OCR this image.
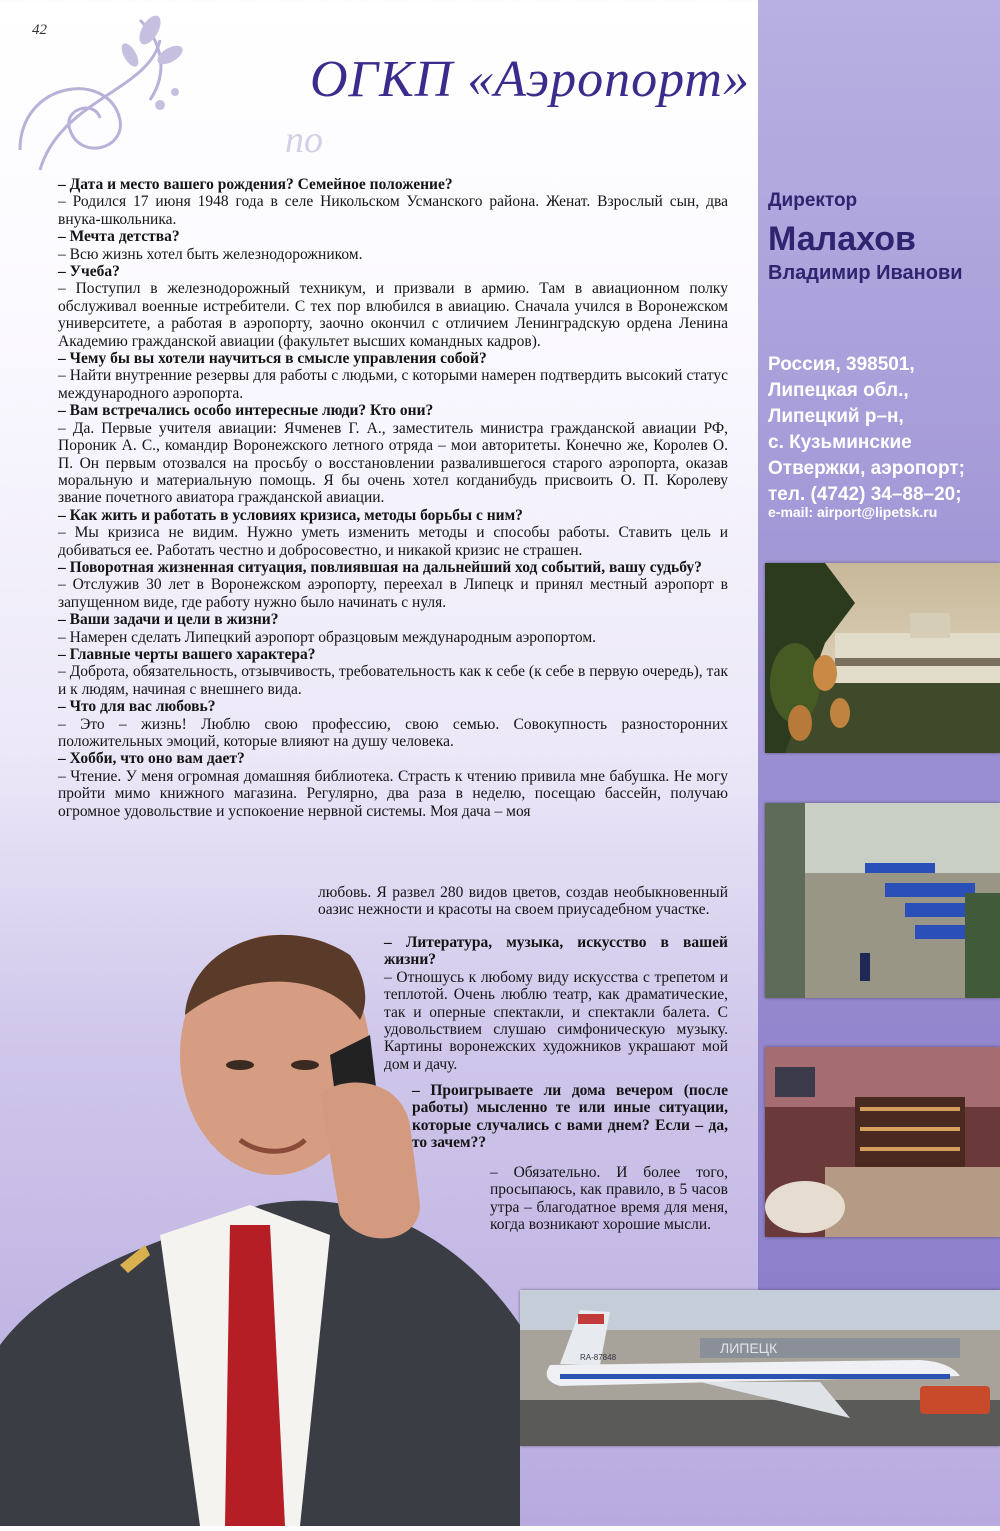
42
ОГКП «Аэропорт»
по
Директор
Малахов
Владимир Иванови
Россия, 398501,
Липецкая обл.,
Липецкий р–н,
с. Кузьминские
Отвержки, аэропорт;
тел. (4742) 34–88–20;
e-mail: airport@lipetsk.ru
ЛИПЕЦК
RA-87848

– Дата и место вашего рождения? Семейное положение?

– Родился 17 июня 1948 года в селе Никольском Усманского района. Женат. Взрослый сын, два внука-школьника.

– Мечта детства?

– Всю жизнь хотел быть железнодорожником.

– Учеба?

– Поступил в железнодорожный техникум, и призвали в армию. Там в авиационном полку обслуживал военные истребители. С тех пор влюбился в авиацию. Сначала учился в Воронежском университете, а работая в аэропорту, заочно окончил с отличием Ленинградскую ордена Ленина Академию гражданской авиации (факультет высших командных кадров).

– Чему бы вы хотели научиться в смысле управления собой?

– Найти внутренние резервы для работы с людьми, с которыми намерен подтвердить высокий статус международного аэропорта.

– Вам встречались особо интересные люди? Кто они?

– Да. Первые учителя авиации: Ячменев Г. А., заместитель министра гражданской авиации РФ, Пороник А. С., командир Воронежского летного отряда – мои авторитеты. Конечно же, Королев О. П. Он первым отозвался на просьбу о восстановлении развалившегося старого аэропорта, оказав моральную и материальную помощь. Я бы очень хотел когданибудь присвоить О. П. Королеву звание почетного авиатора гражданской авиации.

– Как жить и работать в условиях кризиса, методы борьбы с ним?

– Мы кризиса не видим. Нужно уметь изменить методы и способы работы. Ставить цель и добиваться ее. Работать честно и добросовестно, и никакой кризис не страшен.

– Поворотная жизненная ситуация, повлиявшая на дальнейший ход событий, вашу судьбу?

– Отслужив 30 лет в Воронежском аэропорту, переехал в Липецк и принял местный аэропорт в запущенном виде, где работу нужно было начинать с нуля.

– Ваши задачи и цели в жизни?

– Намерен сделать Липецкий аэропорт образцовым международным аэропортом.

– Главные черты вашего характера?

– Доброта, обязательность, отзывчивость, требовательность как к себе (к себе в первую очередь), так и к людям, начиная с внешнего вида.

– Что для вас любовь?

– Это – жизнь! Люблю свою профессию, свою семью. Совокупность разносторонних положительных эмоций, которые влияют на душу человека.

– Хобби, что оно вам дает?

– Чтение. У меня огромная домашняя библиотека. Страсть к чтению привила мне бабушка. Не могу пройти мимо книжного магазина. Регулярно, два раза в неделю, посещаю бассейн, получаю огромное удовольствие и успокоение нервной системы. Моя дача – моя

любовь. Я развел 280 видов цветов, создав необыкновенный оазис нежности и красоты на своем приусадебном участке.

– Литература, музыка, искусство в вашей жизни?

– Отношусь к любому виду искусства с трепетом и теплотой. Очень люблю театр, как драматические, так и оперные спектакли, и спектакли балета. С удовольствием слушаю симфоническую музыку. Картины воронежских художников украшают мой дом и дачу.

– Проигрываете ли дома вечером (после работы) мысленно те или иные ситуации, которые случались с вами днем? Если – да, то зачем??

– Обязательно. И более того, просыпаюсь, как правило, в 5 часов утра – благодатное время для меня, когда возникают хорошие мысли.
